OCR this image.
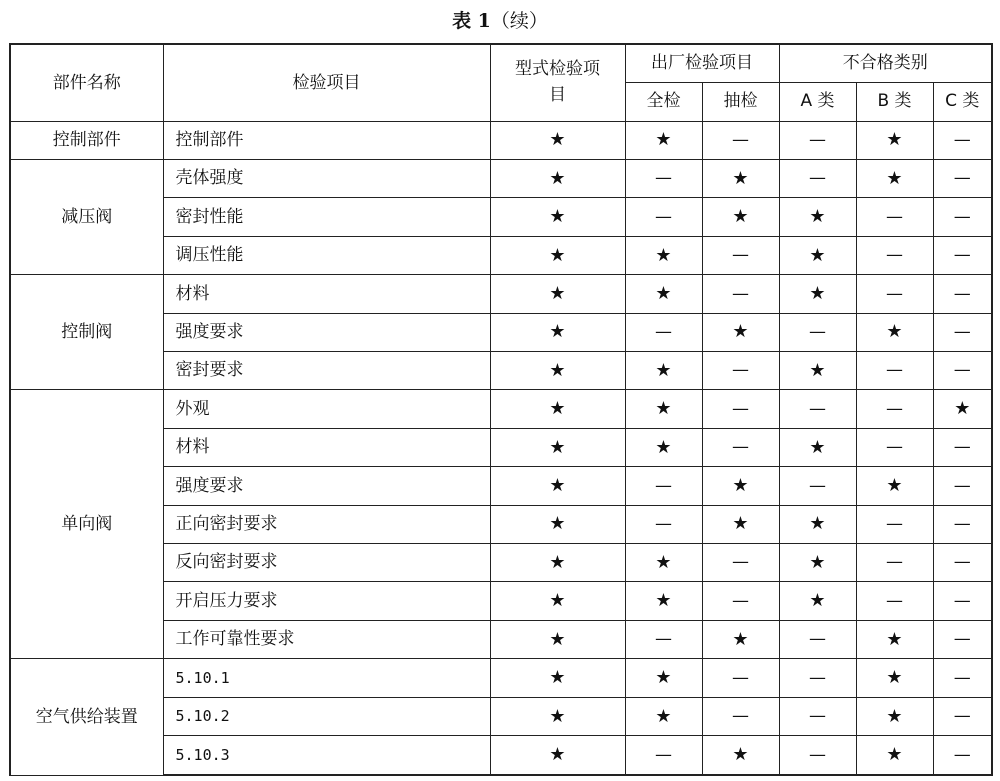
表 1（续）
部件名称	检验项目	型式检验项目	出厂检验项目		不合格类别		
			全检	抽检	A 类	B 类	C 类
控制部件	控制部件	★	★	—	—	★	—
减压阀	壳体强度	★	—	★	—	★	—
	密封性能	★	—	★	★	—	—
	调压性能	★	★	—	★	—	—
控制阀	材料	★	★	—	★	—	—
	强度要求	★	—	★	—	★	—
	密封要求	★	★	—	★	—	—
单向阀	外观	★	★	—	—	—	★
	材料	★	★	—	★	—	—
	强度要求	★	—	★	—	★	—
	正向密封要求	★	—	★	★	—	—
	反向密封要求	★	★	—	★	—	—
	开启压力要求	★	★	—	★	—	—
	工作可靠性要求	★	—	★	—	★	—
空气供给装置	5.10.1	★	★	—	—	★	—
	5.10.2	★	★	—	—	★	—
	5.10.3	★	—	★	—	★	—
